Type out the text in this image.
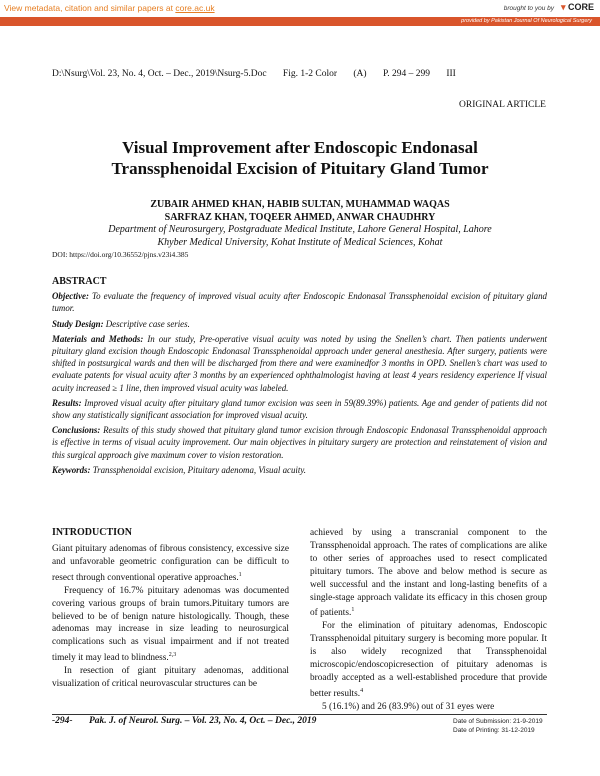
View metadata, citation and similar papers at core.ac.uk	brought to you by ▾ CORE
provided by Pakistan Journal Of Neurological Surgery
D:\Nsurg\Vol. 23, No. 4, Oct. – Dec., 2019\Nsurg-5.Doc Fig. 1-2 Color (A) P. 294 – 299 III
ORIGINAL ARTICLE
Visual Improvement after Endoscopic Endonasal
Transsphenoidal Excision of Pituitary Gland Tumor
ZUBAIR AHMED KHAN, HABIB SULTAN, MUHAMMAD WAQAS
SARFRAZ KHAN, TOQEER AHMED, ANWAR CHAUDHRY
Department of Neurosurgery, Postgraduate Medical Institute, Lahore General Hospital, Lahore
Khyber Medical University, Kohat Institute of Medical Sciences, Kohat
DOI: https://doi.org/10.36552/pjns.v23i4.385
ABSTRACT

Objective: To evaluate the frequency of improved visual acuity after Endoscopic Endonasal Transsphenoidal excision of pituitary gland tumor.

Study Design: Descriptive case series.

Materials and Methods: In our study, Pre-operative visual acuity was noted by using the Snellen’s chart. Then patients underwent pituitary gland excision though Endoscopic Endonasal Transsphenoidal approach under general anesthesia. After surgery, patients were shifted in postsurgical wards and then will be discharged from there and were examinedfor 3 months in OPD. Snellen’s chart was used to evaluate patents for visual acuity after 3 months by an experienced ophthalmologist having at least 4 years residency experience If visual acuity increased ≥ 1 line, then improved visual acuity was labeled.

Results: Improved visual acuity after pituitary gland tumor excision was seen in 59(89.39%) patients. Age and gender of patients did not show any statistically significant association for improved visual acuity.

Conclusions: Results of this study showed that pituitary gland tumor excision through Endoscopic Endonasal Transsphenoidal approach is effective in terms of visual acuity improvement. Our main objectives in pituitary surgery are protection and reinstatement of vision and this surgical approach give maximum cover to vision restoration.

Keywords: Transsphenoidal excision, Pituitary adenoma, Visual acuity.

INTRODUCTION

Giant pituitary adenomas of fibrous consistency, excessive size and unfavorable geometric configuration can be difficult to resect through conventional operative approaches.$^1$

Frequency of 16.7% pituitary adenomas was documented covering various groups of brain tumors.Pituitary tumors are believed to be of benign nature histologically. Though, these adenomas may increase in size leading to neurosurgical complications such as visual impairment and if not treated timely it may lead to blindness.$^{2,3}$

In resection of giant pituitary adenomas, additional visualization of critical neurovascular structures can be

achieved by using a transcranial component to the Transsphenoidal approach. The rates of complications are alike to other series of approaches used to resect complicated pituitary tumors. The above and below method is secure as well successful and the instant and long-lasting benefits of a single-stage approach validate its efficacy in this chosen group of patients.$^1$

For the elimination of pituitary adenomas, Endoscopic Transsphenoidal pituitary surgery is becoming more popular. It is also widely recognized that Transsphenoidal microscopic/endoscopicresection of pituitary adenomas is broadly accepted as a well-established procedure that provide better results.$^4$

5 (16.1%) and 26 (83.9%) out of 31 eyes were

-294- Pak. J. of Neurol. Surg. – Vol. 23, No. 4, Oct. – Dec., 2019	Date of Submission: 21-9-2019
Date of Printing: 31-12-2019
